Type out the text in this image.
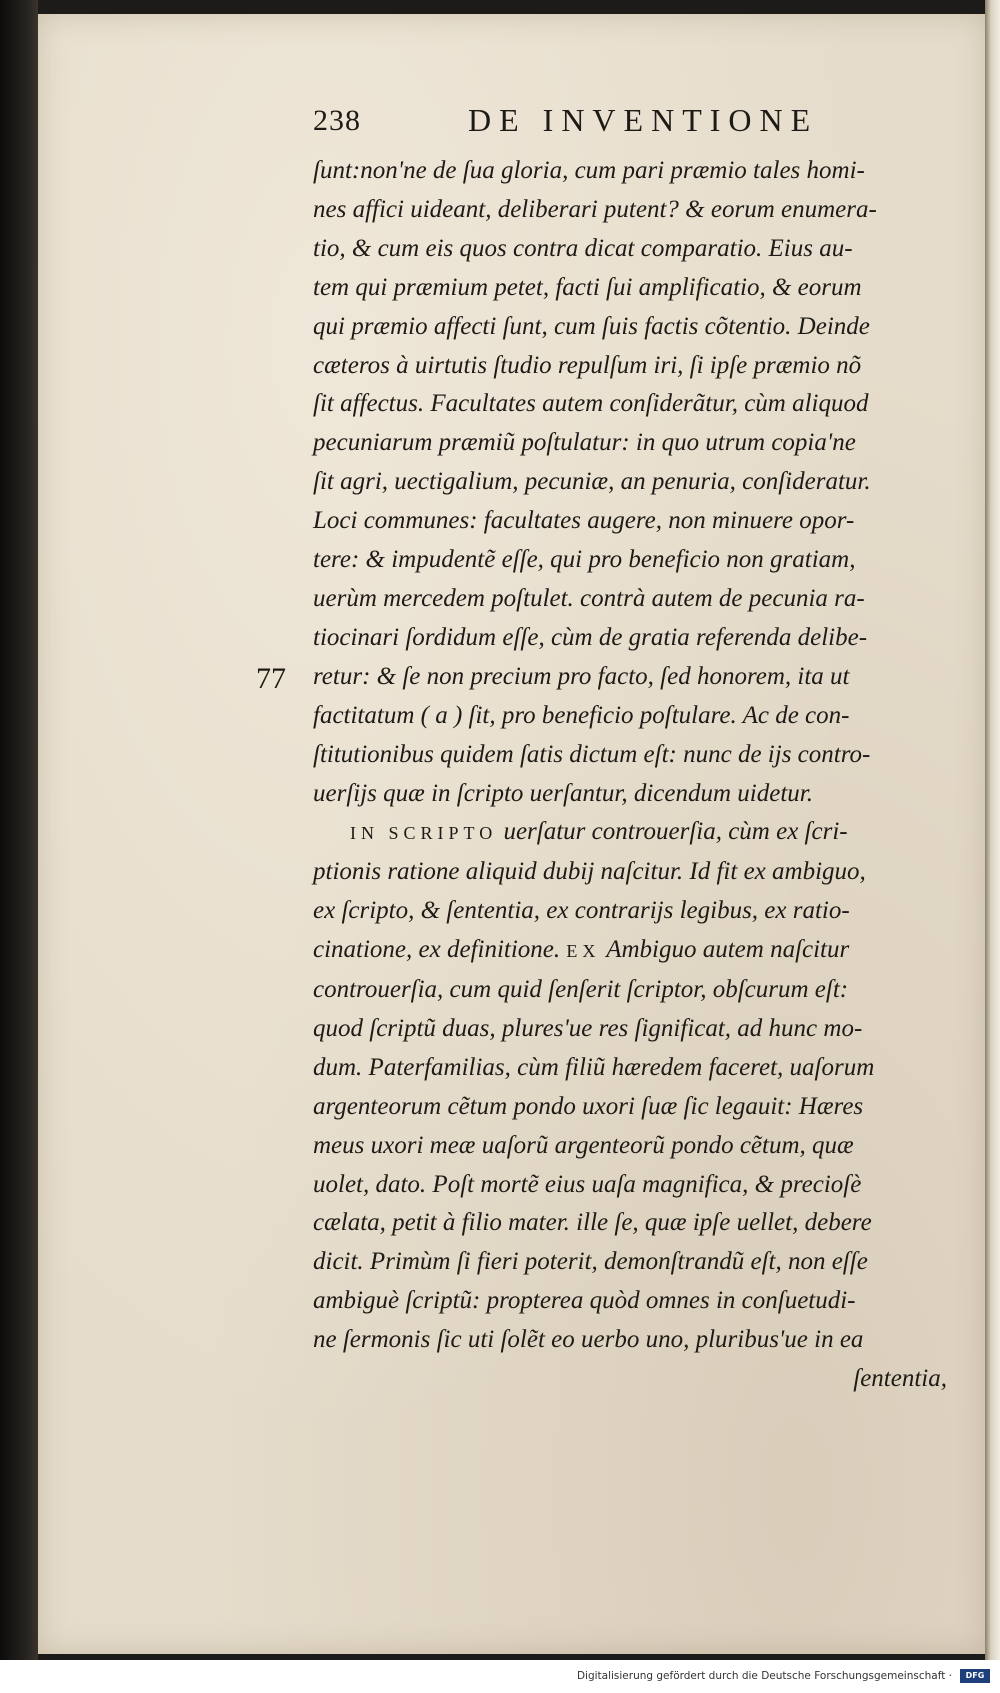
77
238	DE INVENTIONE
ſunt:non'ne de ſua gloria, cum pari præmio tales homi-
nes affici uideant, deliberari putent? & eorum enumera-
tio, & cum eis quos contra dicat comparatio. Eius au-
tem qui præmium petet, facti ſui amplificatio, & eorum
qui præmio affecti ſunt, cum ſuis factis cõtentio. Deinde
cæteros à uirtutis ſtudio repulſum iri, ſi ipſe præmio nõ
ſit affectus. Facultates autem conſiderãtur, cùm aliquod
pecuniarum præmiũ poſtulatur: in quo utrum copia'ne
ſit agri, uectigalium, pecuniæ, an penuria, conſideratur.
Loci communes: facultates augere, non minuere opor-
tere: & impudentẽ eſſe, qui pro beneficio non gratiam,
uerùm mercedem poſtulet. contrà autem de pecunia ra-
tiocinari ſordidum eſſe, cùm de gratia referenda delibe-
retur: & ſe non precium pro facto, ſed honorem, ita ut
factitatum ( a ) ſit, pro beneficio poſtulare. Ac de con-
ſtitutionibus quidem ſatis dictum eſt: nunc de ijs contro-
uerſijs quæ in ſcripto uerſantur, dicendum uidetur.
IN SCRIPTO uerſatur controuerſia, cùm ex ſcri-
ptionis ratione aliquid dubij naſcitur. Id fit ex ambiguo,
ex ſcripto, & ſententia, ex contrarijs legibus, ex ratio-
cinatione, ex definitione. EX Ambiguo autem naſcitur
controuerſia, cum quid ſenſerit ſcriptor, obſcurum eſt:
quod ſcriptũ duas, plures'ue res ſignificat, ad hunc mo-
dum. Paterfamilias, cùm filiũ hæredem faceret, uaſorum
argenteorum cẽtum pondo uxori ſuæ ſic legauit: Hæres
meus uxori meæ uaſorũ argenteorũ pondo cẽtum, quæ
uolet, dato. Poſt mortẽ eius uaſa magnifica, & precioſè
cælata, petit à filio mater. ille ſe, quæ ipſe uellet, debere
dicit. Primùm ſi fieri poterit, demonſtrandũ eſt, non eſſe
ambiguè ſcriptũ: propterea quòd omnes in conſuetudi-
ne ſermonis ſic uti ſolẽt eo uerbo uno, pluribus'ue in ea
ſententia,
Digitalisierung gefördert durch die Deutsche Forschungsgemeinschaft ·	DFG
